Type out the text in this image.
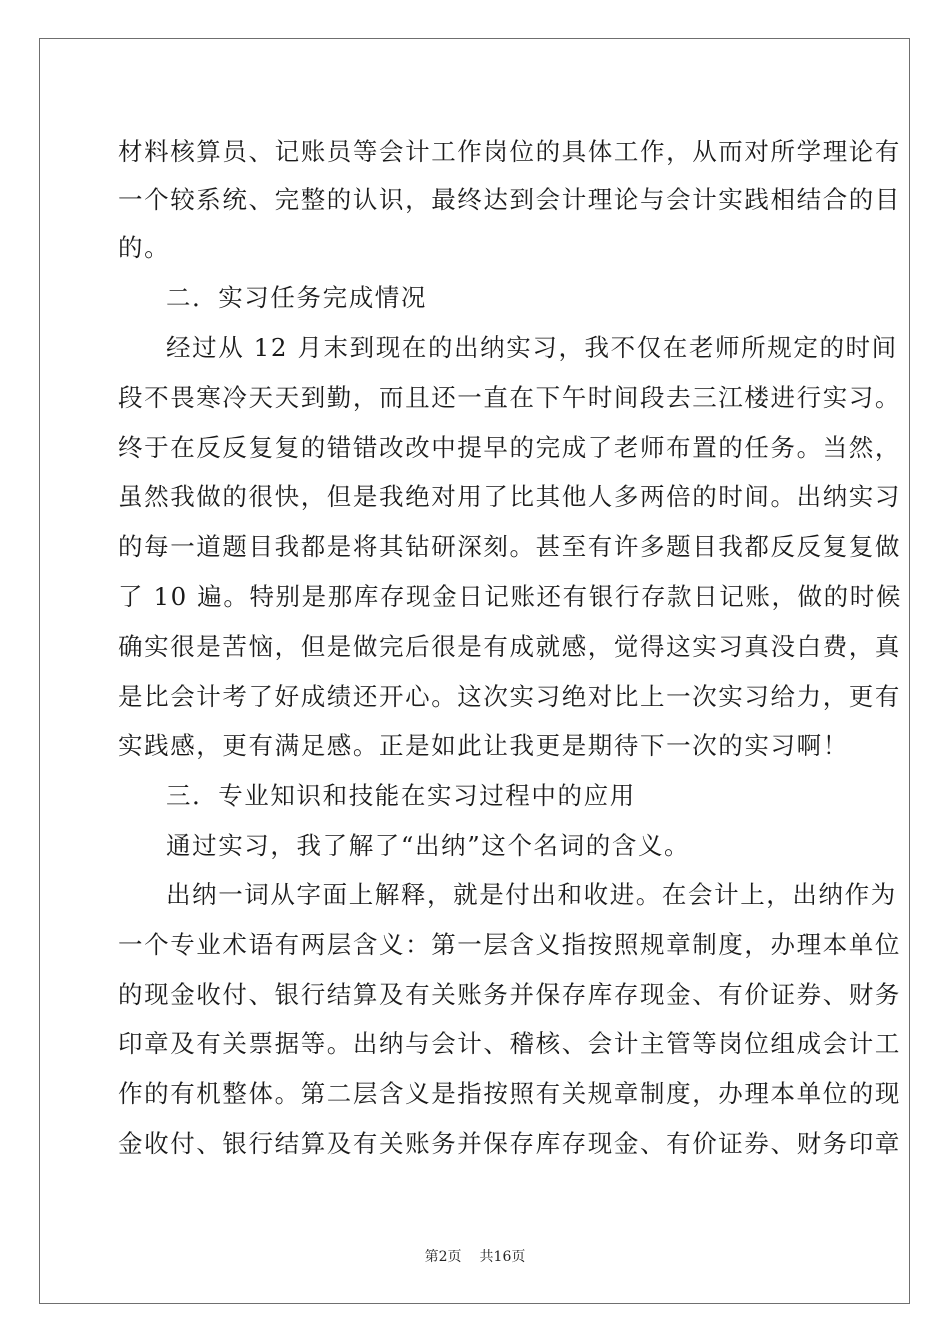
材料核算员、记账员等会计工作岗位的具体工作，从而对所学理论有
一个较系统、完整的认识，最终达到会计理论与会计实践相结合的目
的。
二．实习任务完成情况
经过从 12 月末到现在的出纳实习，我不仅在老师所规定的时间
段不畏寒冷天天到勤，而且还一直在下午时间段去三江楼进行实习。
终于在反反复复的错错改改中提早的完成了老师布置的任务。当然，
虽然我做的很快，但是我绝对用了比其他人多两倍的时间。出纳实习
的每一道题目我都是将其钻研深刻。甚至有许多题目我都反反复复做
了 10 遍。特别是那库存现金日记账还有银行存款日记账，做的时候
确实很是苦恼，但是做完后很是有成就感，觉得这实习真没白费，真
是比会计考了好成绩还开心。这次实习绝对比上一次实习给力，更有
实践感，更有满足感。正是如此让我更是期待下一次的实习啊！
三．专业知识和技能在实习过程中的应用
通过实习，我了解了“出纳”这个名词的含义。
出纳一词从字面上解释，就是付出和收进。在会计上，出纳作为
一个专业术语有两层含义：第一层含义指按照规章制度，办理本单位
的现金收付、银行结算及有关账务并保存库存现金、有价证券、财务
印章及有关票据等。出纳与会计、稽核、会计主管等岗位组成会计工
作的有机整体。第二层含义是指按照有关规章制度，办理本单位的现
金收付、银行结算及有关账务并保存库存现金、有价证券、财务印章
第2页 共16页
